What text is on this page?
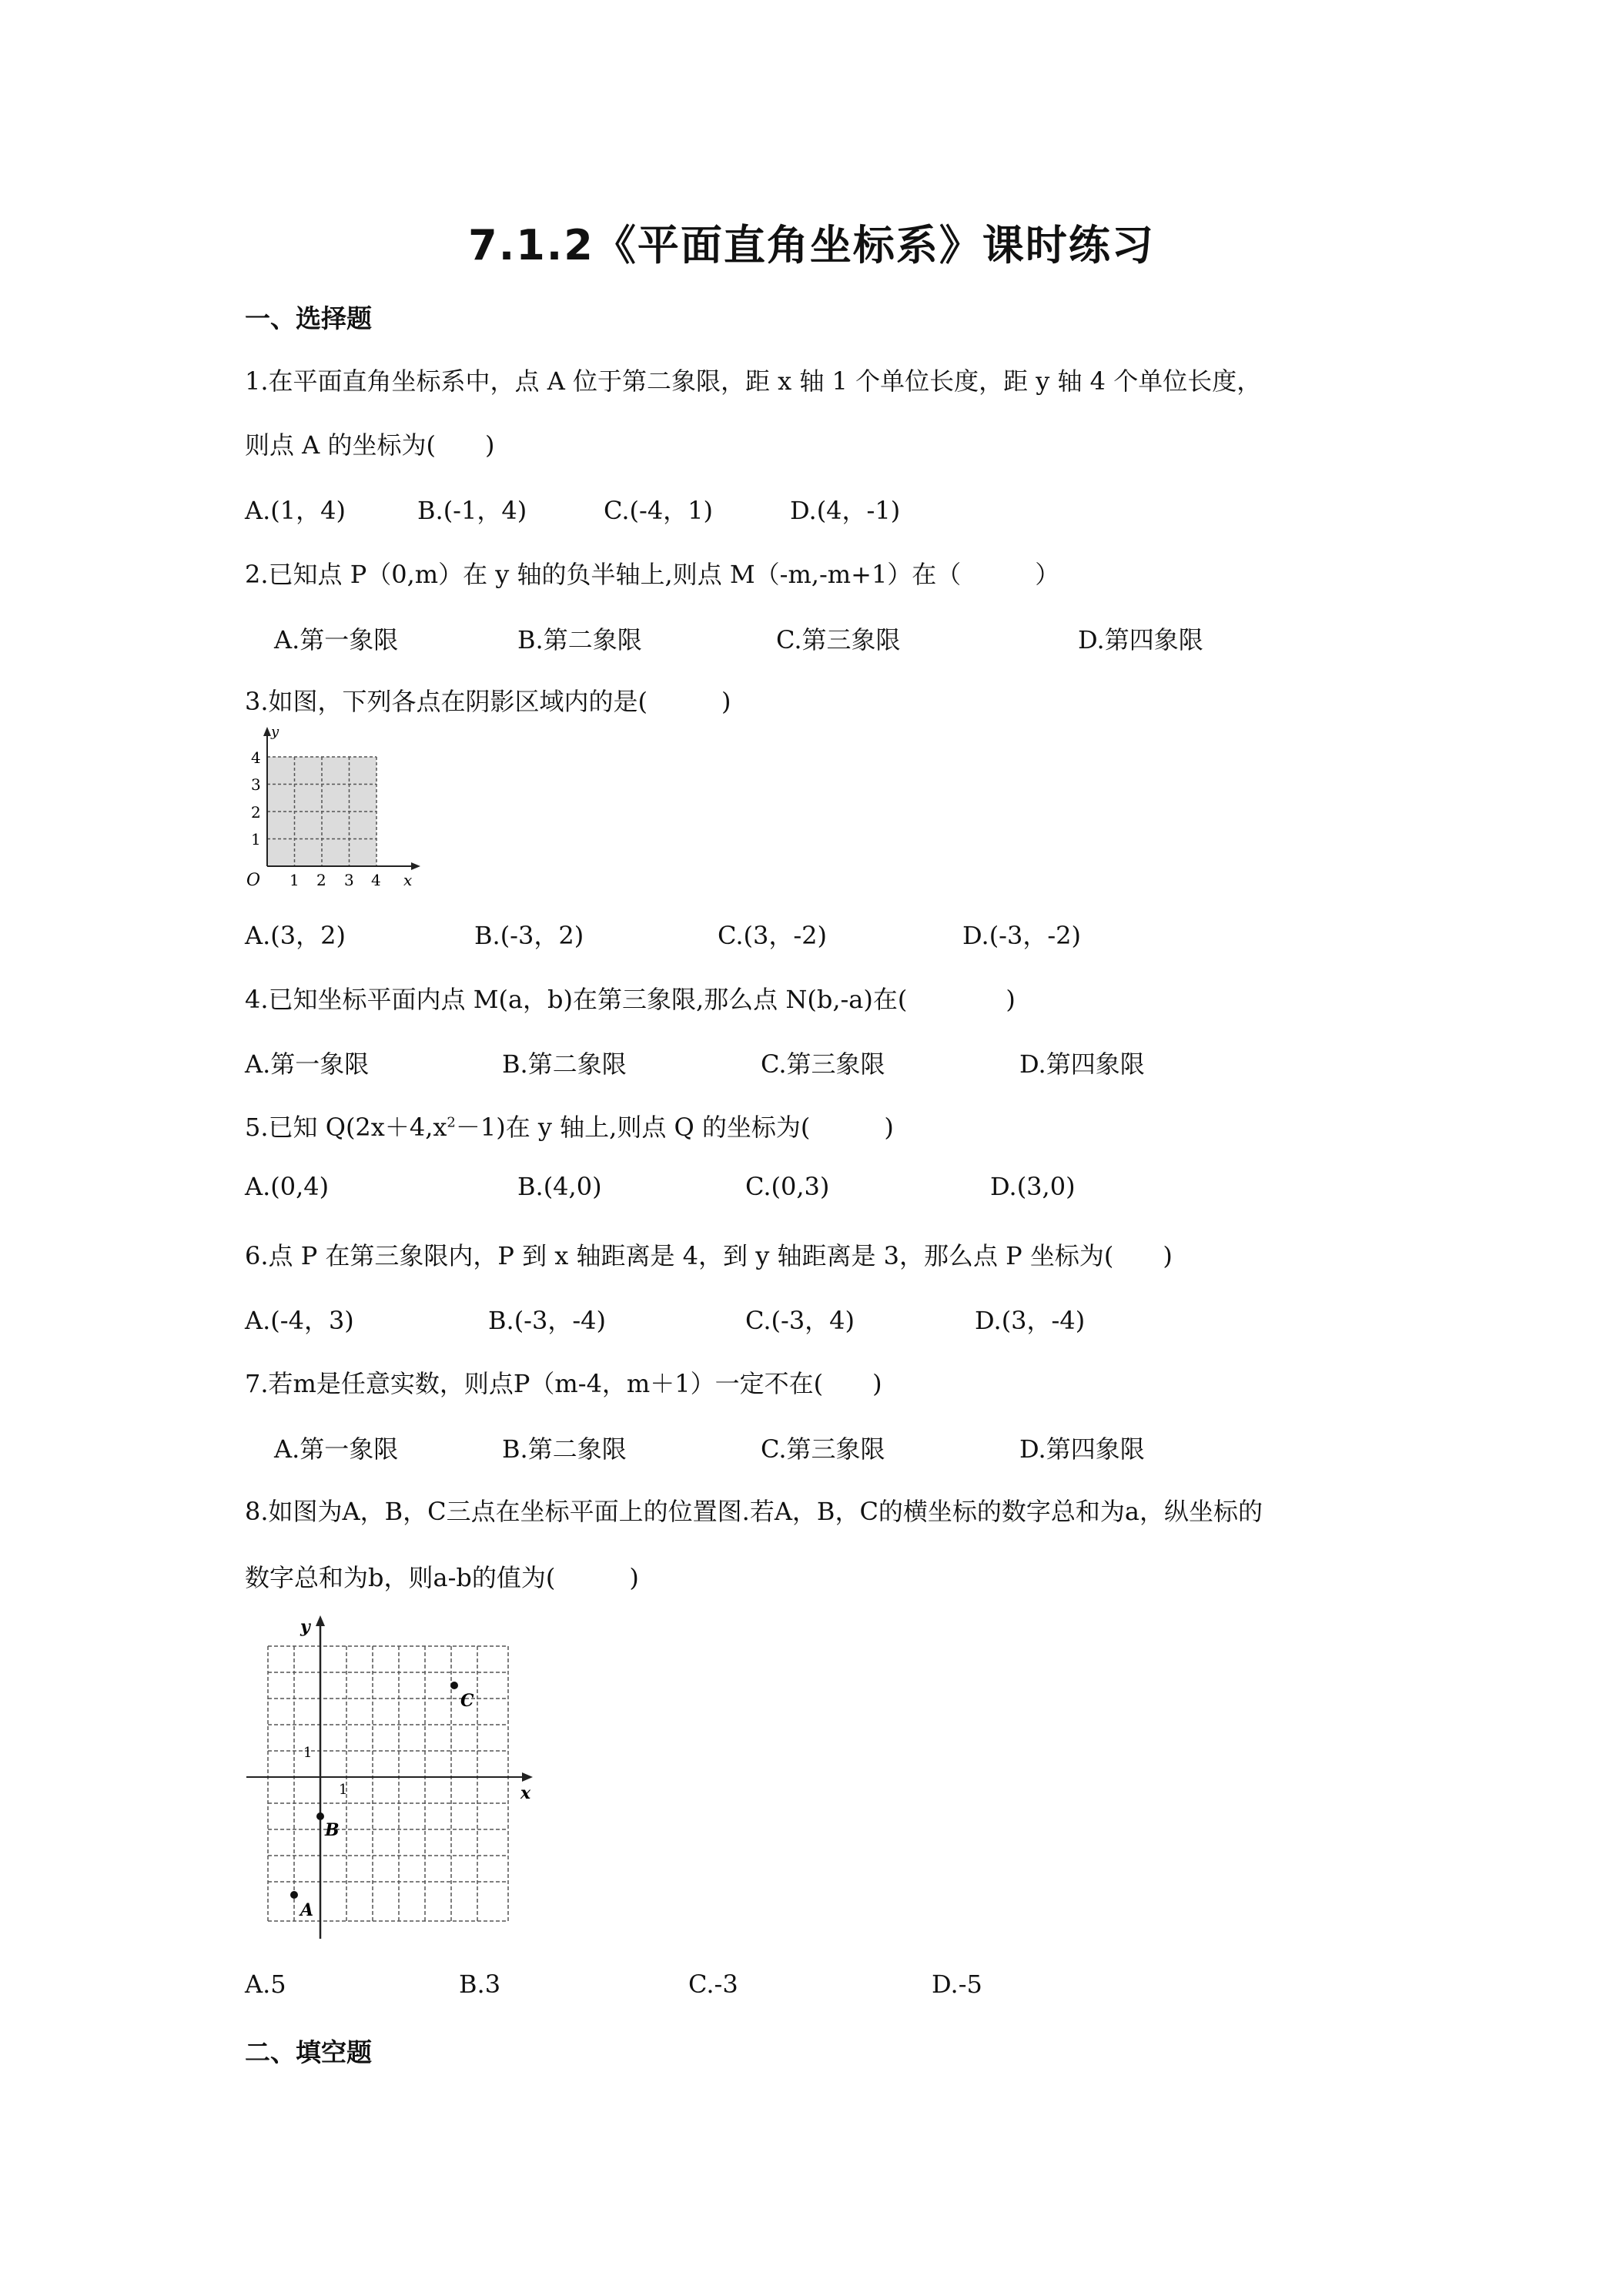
7.1.2《平面直角坐标系》课时练习
一、选择题
1.在平面直角坐标系中，点 A 位于第二象限，距 x 轴 1 个单位长度，距 y 轴 4 个单位长度，
则点 A 的坐标为(　　)
A.(1，4)	B.(-1，4)	C.(-4，1)	D.(4，-1)
2.已知点 P（0,m）在 y 轴的负半轴上,则点 M（-m,-m+1）在（　　　）
A.第一象限	B.第二象限	C.第三象限	D.第四象限
3.如图，下列各点在阴影区域内的是(　　　)
y
x
O 1 2 3 4
1
2
3
4
A.(3，2)	B.(-3，2)	C.(3，-2)	D.(-3，-2)
4.已知坐标平面内点 M(a，b)在第三象限,那么点 N(b,-a)在(　　　　)
A.第一象限	B.第二象限	C.第三象限	D.第四象限
5.已知 $Q(2x+4,x^2-1)$在 y 轴上,则点 Q 的坐标为(　　　)
A.(0,4)	B.(4,0)	C.(0,3)	D.(3,0)
6.点 P 在第三象限内，P 到 x 轴距离是 4，到 y 轴距离是 3，那么点 P 坐标为(　　)
A.(-4，3)	B.(-3，-4)	C.(-3，4)	D.(3，-4)
7.若m是任意实数，则点P（m-4，m＋1）一定不在(　　)
A.第一象限	B.第二象限	C.第三象限	D.第四象限
8.如图为A，B，C三点在坐标平面上的位置图.若A，B，C的横坐标的数字总和为a，纵坐标的
数字总和为b，则a-b的值为(　　　)
y
x
1
1
A
B
C
A.5	B.3	C.-3	D.-5
二、填空题
